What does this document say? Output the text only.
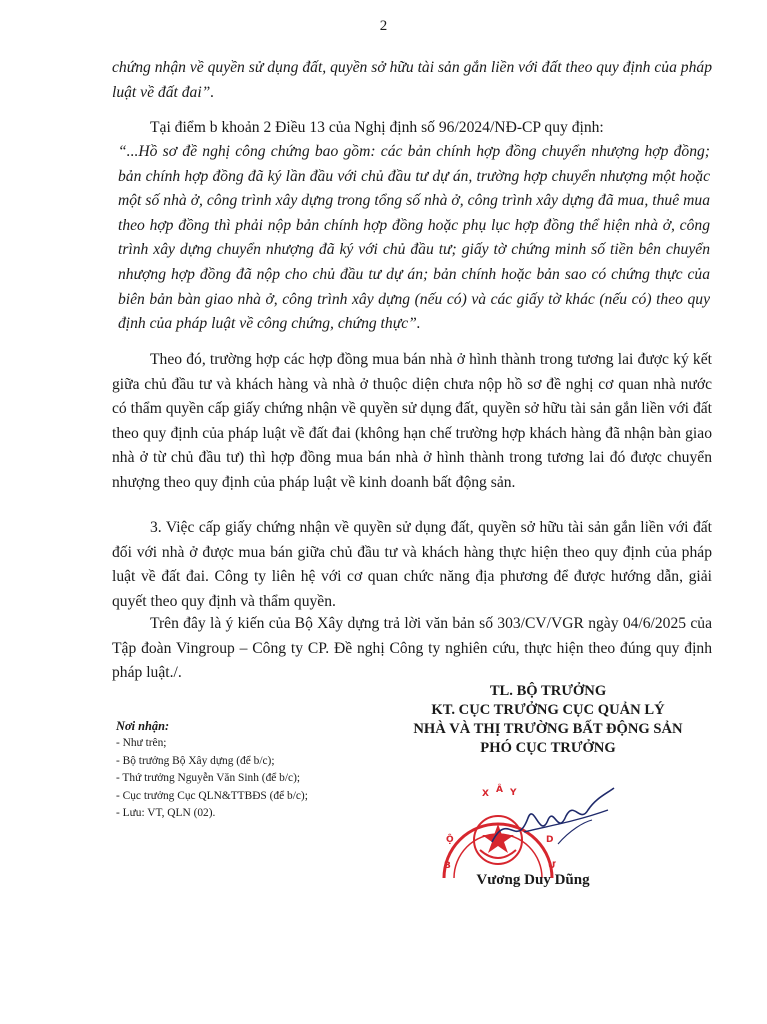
2

chứng nhận về quyền sử dụng đất, quyền sở hữu tài sản gắn liền với đất theo quy định của pháp luật về đất đai”.

Tại điểm b khoản 2 Điều 13 của Nghị định số 96/2024/NĐ-CP quy định:

“...Hồ sơ đề nghị công chứng bao gồm: các bản chính hợp đồng chuyển nhượng hợp đồng; bản chính hợp đồng đã ký lần đầu với chủ đầu tư dự án, trường hợp chuyển nhượng một hoặc một số nhà ở, công trình xây dựng trong tổng số nhà ở, công trình xây dựng đã mua, thuê mua theo hợp đồng thì phải nộp bản chính hợp đồng hoặc phụ lục hợp đồng thể hiện nhà ở, công trình xây dựng chuyển nhượng đã ký với chủ đầu tư; giấy tờ chứng minh số tiền bên chuyển nhượng hợp đồng đã nộp cho chủ đầu tư dự án; bản chính hoặc bản sao có chứng thực của biên bản bàn giao nhà ở, công trình xây dựng (nếu có) và các giấy tờ khác (nếu có) theo quy định của pháp luật về công chứng, chứng thực”.

Theo đó, trường hợp các hợp đồng mua bán nhà ở hình thành trong tương lai được ký kết giữa chủ đầu tư và khách hàng và nhà ở thuộc diện chưa nộp hồ sơ đề nghị cơ quan nhà nước có thẩm quyền cấp giấy chứng nhận về quyền sử dụng đất, quyền sở hữu tài sản gắn liền với đất theo quy định của pháp luật về đất đai (không hạn chế trường hợp khách hàng đã nhận bàn giao nhà ở từ chủ đầu tư) thì hợp đồng mua bán nhà ở hình thành trong tương lai đó được chuyển nhượng theo quy định của pháp luật về kinh doanh bất động sản.

3. Việc cấp giấy chứng nhận về quyền sử dụng đất, quyền sở hữu tài sản gắn liền với đất đối với nhà ở được mua bán giữa chủ đầu tư và khách hàng thực hiện theo quy định của pháp luật về đất đai. Công ty liên hệ với cơ quan chức năng địa phương để được hướng dẫn, giải quyết theo quy định và thẩm quyền.

Trên đây là ý kiến của Bộ Xây dựng trả lời văn bản số 303/CV/VGR ngày 04/6/2025 của Tập đoàn Vingroup – Công ty CP. Đề nghị Công ty nghiên cứu, thực hiện theo đúng quy định pháp luật./.

TL. BỘ TRƯỞNG
KT. CỤC TRƯỞNG CỤC QUẢN LÝ
NHÀ VÀ THỊ TRƯỜNG BẤT ĐỘNG SẢN
PHÓ CỤC TRƯỞNG
Nơi nhận:
- Như trên;
- Bộ trưởng Bộ Xây dựng (để b/c);
- Thứ trưởng Nguyễn Văn Sinh (để b/c);
- Cục trưởng Cục QLN&TTBĐS (để b/c);
- Lưu: VT, QLN (02).
B
Ộ
X Â Y
D
Ự
Vương Duy Dũng
